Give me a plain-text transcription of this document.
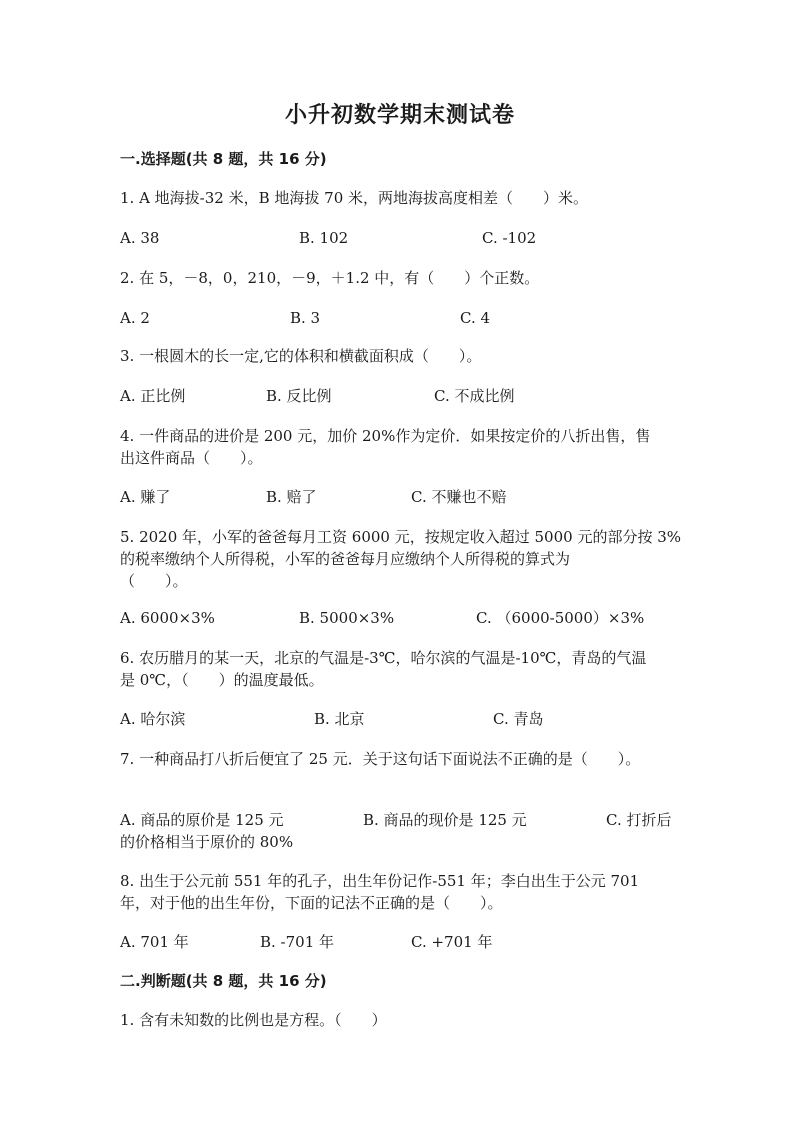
小升初数学期末测试卷
一.选择题(共 8 题，共 16 分)
1. A 地海拔-32 米，B 地海拔 70 米，两地海拔高度相差（　　）米。
A. 38	B. 102	C. -102
2. 在 5，－8，0，210，－9，＋1.2 中，有（　　）个正数。
A. 2	B. 3	C. 4
3. 一根圆木的长一定,它的体积和横截面积成（　　）。
A. 正比例	B. 反比例	C. 不成比例
4. 一件商品的进价是 200 元，加价 20%作为定价．如果按定价的八折出售，售
出这件商品（　　）。
A. 赚了	B. 赔了	C. 不赚也不赔
5. 2020 年，小军的爸爸每月工资 6000 元，按规定收入超过 5000 元的部分按 3%
的税率缴纳个人所得税，小军的爸爸每月应缴纳个人所得税的算式为
（　　）。
A. 6000×3%	B. 5000×3%	C. （6000-5000）×3%
6. 农历腊月的某一天，北京的气温是-3℃，哈尔滨的气温是-10℃，青岛的气温
是 0℃，（　　）的温度最低。
A. 哈尔滨	B. 北京	C. 青岛
7. 一种商品打八折后便宜了 25 元．关于这句话下面说法不正确的是（　　）。
A. 商品的原价是 125 元	B. 商品的现价是 125 元	C. 打折后
的价格相当于原价的 80%
8. 出生于公元前 551 年的孔子，出生年份记作-551 年；李白出生于公元 701
年，对于他的出生年份，下面的记法不正确的是（　　）。
A. 701 年	B. -701 年	C. +701 年
二.判断题(共 8 题，共 16 分)
1. 含有未知数的比例也是方程。（　　）
